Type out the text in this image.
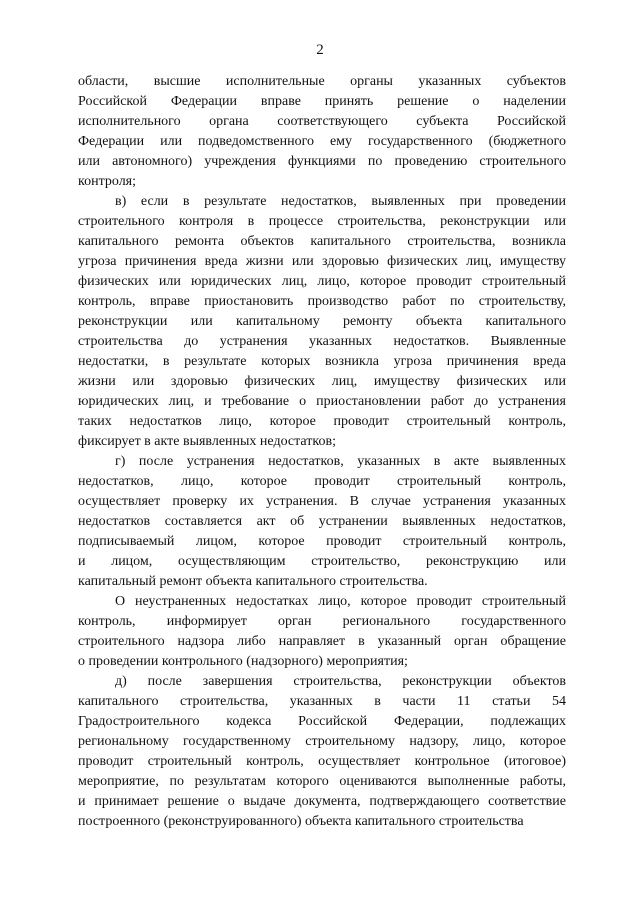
2
области, высшие исполнительные органы указанных субъектов
Российской Федерации вправе принять решение о наделении
исполнительного органа соответствующего субъекта Российской
Федерации или подведомственного ему государственного (бюджетного
или автономного) учреждения функциями по проведению строительного
контроля;
в) если в результате недостатков, выявленных при проведении
строительного контроля в процессе строительства, реконструкции или
капитального ремонта объектов капитального строительства, возникла
угроза причинения вреда жизни или здоровью физических лиц, имуществу
физических или юридических лиц, лицо, которое проводит строительный
контроль, вправе приостановить производство работ по строительству,
реконструкции или капитальному ремонту объекта капитального
строительства до устранения указанных недостатков. Выявленные
недостатки, в результате которых возникла угроза причинения вреда
жизни или здоровью физических лиц, имуществу физических или
юридических лиц, и требование о приостановлении работ до устранения
таких недостатков лицо, которое проводит строительный контроль,
фиксирует в акте выявленных недостатков;
г) после устранения недостатков, указанных в акте выявленных
недостатков, лицо, которое проводит строительный контроль,
осуществляет проверку их устранения. В случае устранения указанных
недостатков составляется акт об устранении выявленных недостатков,
подписываемый лицом, которое проводит строительный контроль,
и лицом, осуществляющим строительство, реконструкцию или
капитальный ремонт объекта капитального строительства.
О неустраненных недостатках лицо, которое проводит строительный
контроль, информирует орган регионального государственного
строительного надзора либо направляет в указанный орган обращение
о проведении контрольного (надзорного) мероприятия;
д) после завершения строительства, реконструкции объектов
капитального строительства, указанных в части 11 статьи 54
Градостроительного кодекса Российской Федерации, подлежащих
региональному государственному строительному надзору, лицо, которое
проводит строительный контроль, осуществляет контрольное (итоговое)
мероприятие, по результатам которого оцениваются выполненные работы,
и принимает решение о выдаче документа, подтверждающего соответствие
построенного (реконструированного) объекта капитального строительства
